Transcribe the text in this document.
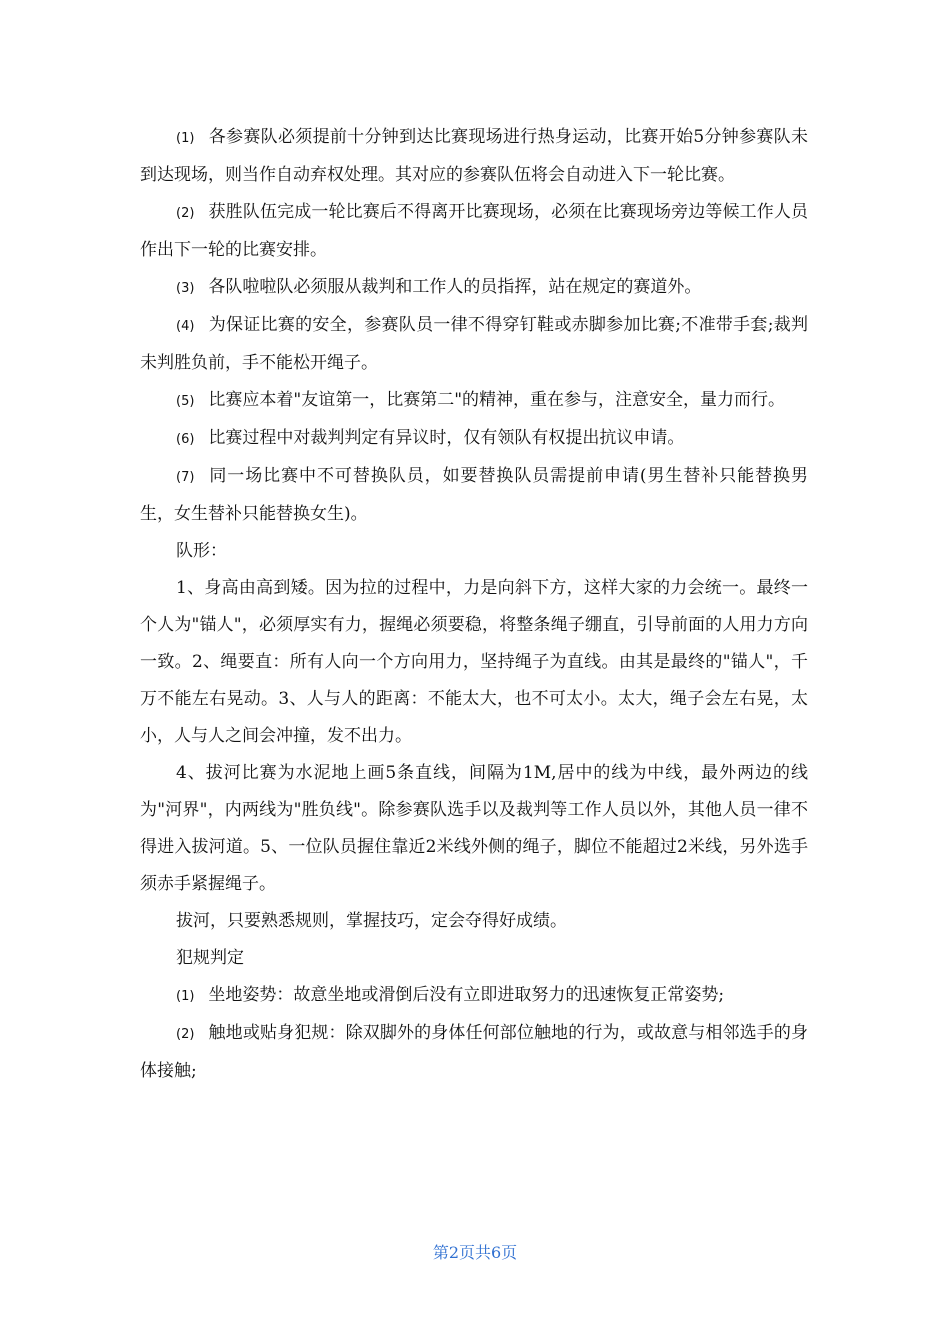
(1) 各参赛队必须提前十分钟到达比赛现场进行热身运动，比赛开始5分钟参赛队未到达现场，则当作自动弃权处理。其对应的参赛队伍将会自动进入下一轮比赛。

(2) 获胜队伍完成一轮比赛后不得离开比赛现场，必须在比赛现场旁边等候工作人员作出下一轮的比赛安排。

(3) 各队啦啦队必须服从裁判和工作人的员指挥，站在规定的赛道外。

(4) 为保证比赛的安全，参赛队员一律不得穿钉鞋或赤脚参加比赛;不准带手套;裁判未判胜负前，手不能松开绳子。

(5) 比赛应本着"友谊第一，比赛第二"的精神，重在参与，注意安全，量力而行。

(6) 比赛过程中对裁判判定有异议时，仅有领队有权提出抗议申请。

(7) 同一场比赛中不可替换队员，如要替换队员需提前申请(男生替补只能替换男生，女生替补只能替换女生)。

队形：

1、身高由高到矮。因为拉的过程中，力是向斜下方，这样大家的力会统一。最终一个人为"锚人"，必须厚实有力，握绳必须要稳，将整条绳子绷直，引导前面的人用力方向一致。2、绳要直：所有人向一个方向用力，坚持绳子为直线。由其是最终的"锚人"，千万不能左右晃动。3、人与人的距离：不能太大，也不可太小。太大，绳子会左右晃，太小，人与人之间会冲撞，发不出力。

4、拔河比赛为水泥地上画5条直线，间隔为1M,居中的线为中线，最外两边的线为"河界"，内两线为"胜负线"。除参赛队选手以及裁判等工作人员以外，其他人员一律不得进入拔河道。5、一位队员握住靠近2米线外侧的绳子，脚位不能超过2米线，另外选手须赤手紧握绳子。

拔河，只要熟悉规则，掌握技巧，定会夺得好成绩。

犯规判定

(1) 坐地姿势：故意坐地或滑倒后没有立即进取努力的迅速恢复正常姿势;

(2) 触地或贴身犯规：除双脚外的身体任何部位触地的行为，或故意与相邻选手的身体接触;

第2页共6页
